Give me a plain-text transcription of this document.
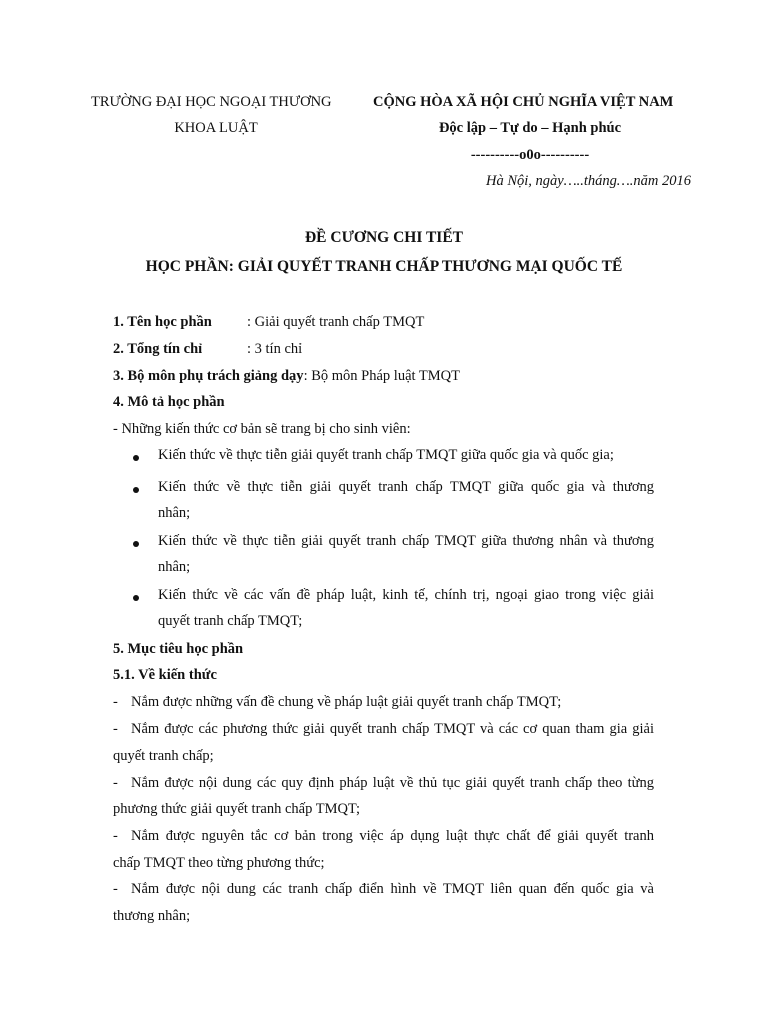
TRƯỜNG ĐẠI HỌC NGOẠI THƯƠNG
KHOA LUẬT
CỘNG HÒA XÃ HỘI CHỦ NGHĨA VIỆT NAM
Độc lập – Tự do – Hạnh phúc
----------o0o----------
Hà Nội, ngày…..tháng….năm 2016
ĐỀ CƯƠNG CHI TIẾT
HỌC PHẦN: GIẢI QUYẾT TRANH CHẤP THƯƠNG MẠI QUỐC TẾ
1. Tên học phần : Giải quyết tranh chấp TMQT
2. Tổng tín chỉ	: 3 tín chỉ
3. Bộ môn phụ trách giảng dạy: Bộ môn Pháp luật TMQT
4. Mô tả học phần
- Những kiến thức cơ bản sẽ trang bị cho sinh viên:
Kiến thức về thực tiễn giải quyết tranh chấp TMQT giữa quốc gia và quốc gia;
Kiến thức về thực tiễn giải quyết tranh chấp TMQT giữa quốc gia và thương
nhân;
Kiến thức về thực tiễn giải quyết tranh chấp TMQT giữa thương nhân và thương
nhân;
Kiến thức về các vấn đề pháp luật, kinh tế, chính trị, ngoại giao trong việc giải
quyết tranh chấp TMQT;
5. Mục tiêu học phần
5.1. Về kiến thức
- Nắm được những vấn đề chung về pháp luật giải quyết tranh chấp TMQT;
- Nắm được các phương thức giải quyết tranh chấp TMQT và các cơ quan tham gia giải
quyết tranh chấp;
- Nắm được nội dung các quy định pháp luật về thủ tục giải quyết tranh chấp theo từng
phương thức giải quyết tranh chấp TMQT;
- Nắm được nguyên tắc cơ bản trong việc áp dụng luật thực chất để giải quyết tranh
chấp TMQT theo từng phương thức;
- Nắm được nội dung các tranh chấp điển hình về TMQT liên quan đến quốc gia và
thương nhân;
